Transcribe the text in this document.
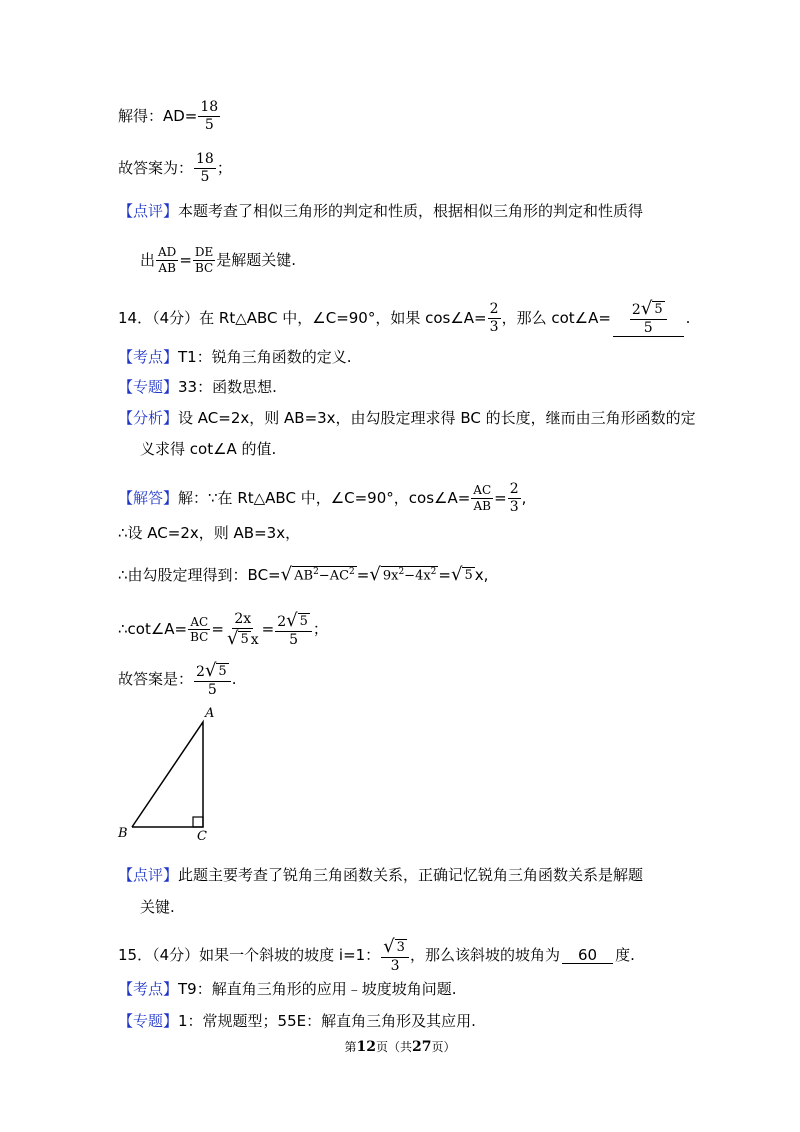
解得：$AD= \frac{18}{5}$
故答案为： $\frac{18}{5}$ ；
【点评】 本题考查了相似三角形的判定和性质，根据相似三角形的判定和性质得
出 $\frac{AD}{AB} = \frac{DE}{BC}$ 是解题关键.
14．（4分）在 Rt△ABC 中，∠C=90°，如果 cos∠A= $\frac{2}{3}$ ，那么 cot∠A= $\frac{2 √ 5}{5}$ .
【考点】 T1：锐角三角函数的定义.
【专题】 33：函数思想.
【分析】 设 AC=2x，则 AB=3x，由勾股定理求得 BC 的长度，继而由三角形函数的定
义求得 cot∠A 的值.
【解答】 解：∵在 Rt△ABC 中，∠C=90°，cos∠A= $\frac{AC}{AB} = \frac{2}{3}$ ,
∴设 AC=2x，则 AB=3x，
∴由勾股定理得到：BC= √ $AB^2-AC^2$ = √ $9x^2-4x^2$ = √ 5 x,
∴cot∠A= $\frac{AC}{BC} = \frac{2x}{√ 5 x} = \frac{2 √ 5}{5}$ ；
故答案是： $\frac{2 √ 5}{5}$ .
A
B	C
【点评】 此题主要考查了锐角三角函数关系，正确记忆锐角三角函数关系是解题
关键.
15．（4分）如果一个斜坡的坡度 i=1： $\frac{√ 3}{3}$ ，那么该斜坡的坡角为	60	度.
【考点】 T9：解直角三角形的应用﹣坡度坡角问题.
【专题】 1：常规题型；55E：解直角三角形及其应用.
第12页（共27页）
